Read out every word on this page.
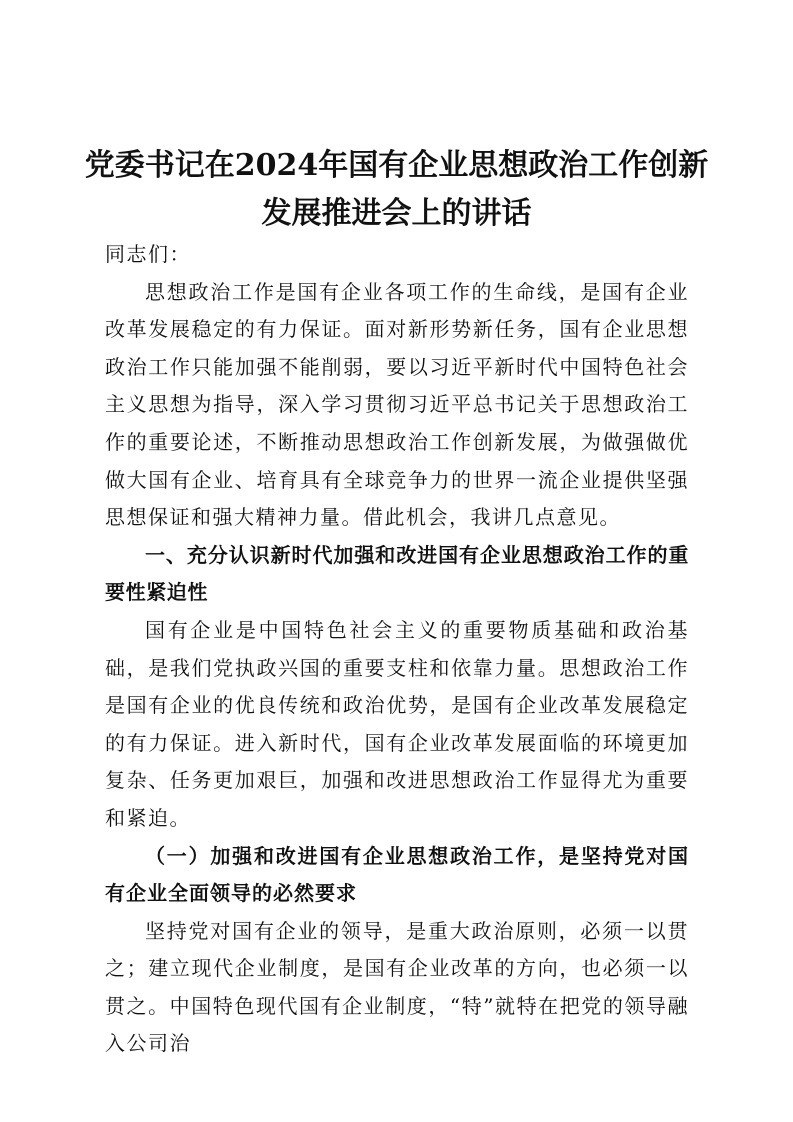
党委书记在2024年国有企业思想政治工作创新发展推进会上的讲话

同志们：

思想政治工作是国有企业各项工作的生命线，是国有企业改革发展稳定的有力保证。面对新形势新任务，国有企业思想政治工作只能加强不能削弱，要以习近平新时代中国特色社会主义思想为指导，深入学习贯彻习近平总书记关于思想政治工作的重要论述，不断推动思想政治工作创新发展，为做强做优做大国有企业、培育具有全球竞争力的世界一流企业提供坚强思想保证和强大精神力量。借此机会，我讲几点意见。

一、充分认识新时代加强和改进国有企业思想政治工作的重要性紧迫性

国有企业是中国特色社会主义的重要物质基础和政治基础，是我们党执政兴国的重要支柱和依靠力量。思想政治工作是国有企业的优良传统和政治优势，是国有企业改革发展稳定的有力保证。进入新时代，国有企业改革发展面临的环境更加复杂、任务更加艰巨，加强和改进思想政治工作显得尤为重要和紧迫。

（一）加强和改进国有企业思想政治工作，是坚持党对国有企业全面领导的必然要求

坚持党对国有企业的领导，是重大政治原则，必须一以贯之；建立现代企业制度，是国有企业改革的方向，也必须一以贯之。中国特色现代国有企业制度，“特”就特在把党的领导融入公司治
